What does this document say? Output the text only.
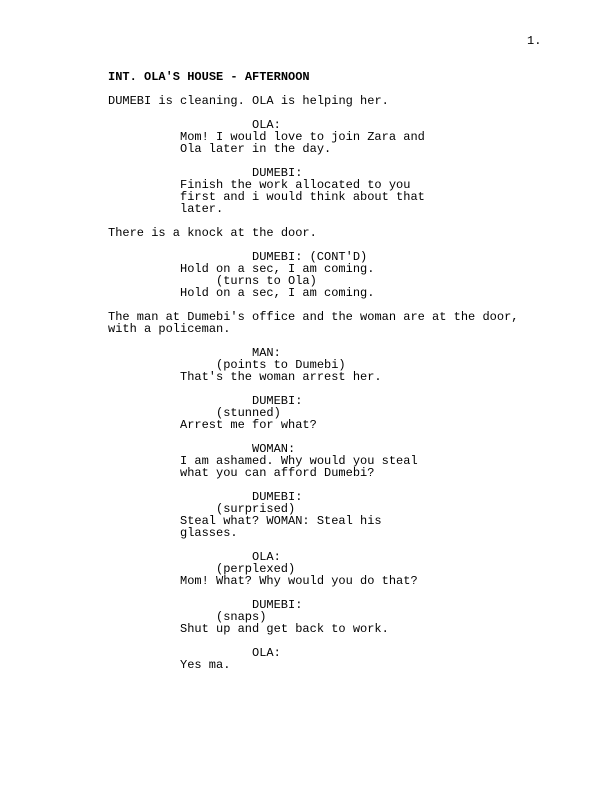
1.
INT. OLA'S HOUSE - AFTERNOON
DUMEBI is cleaning. OLA is helping her.
OLA:
Mom! I would love to join Zara and
Ola later in the day.
DUMEBI:
Finish the work allocated to you
first and i would think about that
later.
There is a knock at the door.
DUMEBI: (CONT'D)
Hold on a sec, I am coming.
(turns to Ola)
Hold on a sec, I am coming.
The man at Dumebi's office and the woman are at the door,
with a policeman.
MAN:
(points to Dumebi)
That's the woman arrest her.
DUMEBI:
(stunned)
Arrest me for what?
WOMAN:
I am ashamed. Why would you steal
what you can afford Dumebi?
DUMEBI:
(surprised)
Steal what? WOMAN: Steal his
glasses.
OLA:
(perplexed)
Mom! What? Why would you do that?
DUMEBI:
(snaps)
Shut up and get back to work.
OLA:
Yes ma.
